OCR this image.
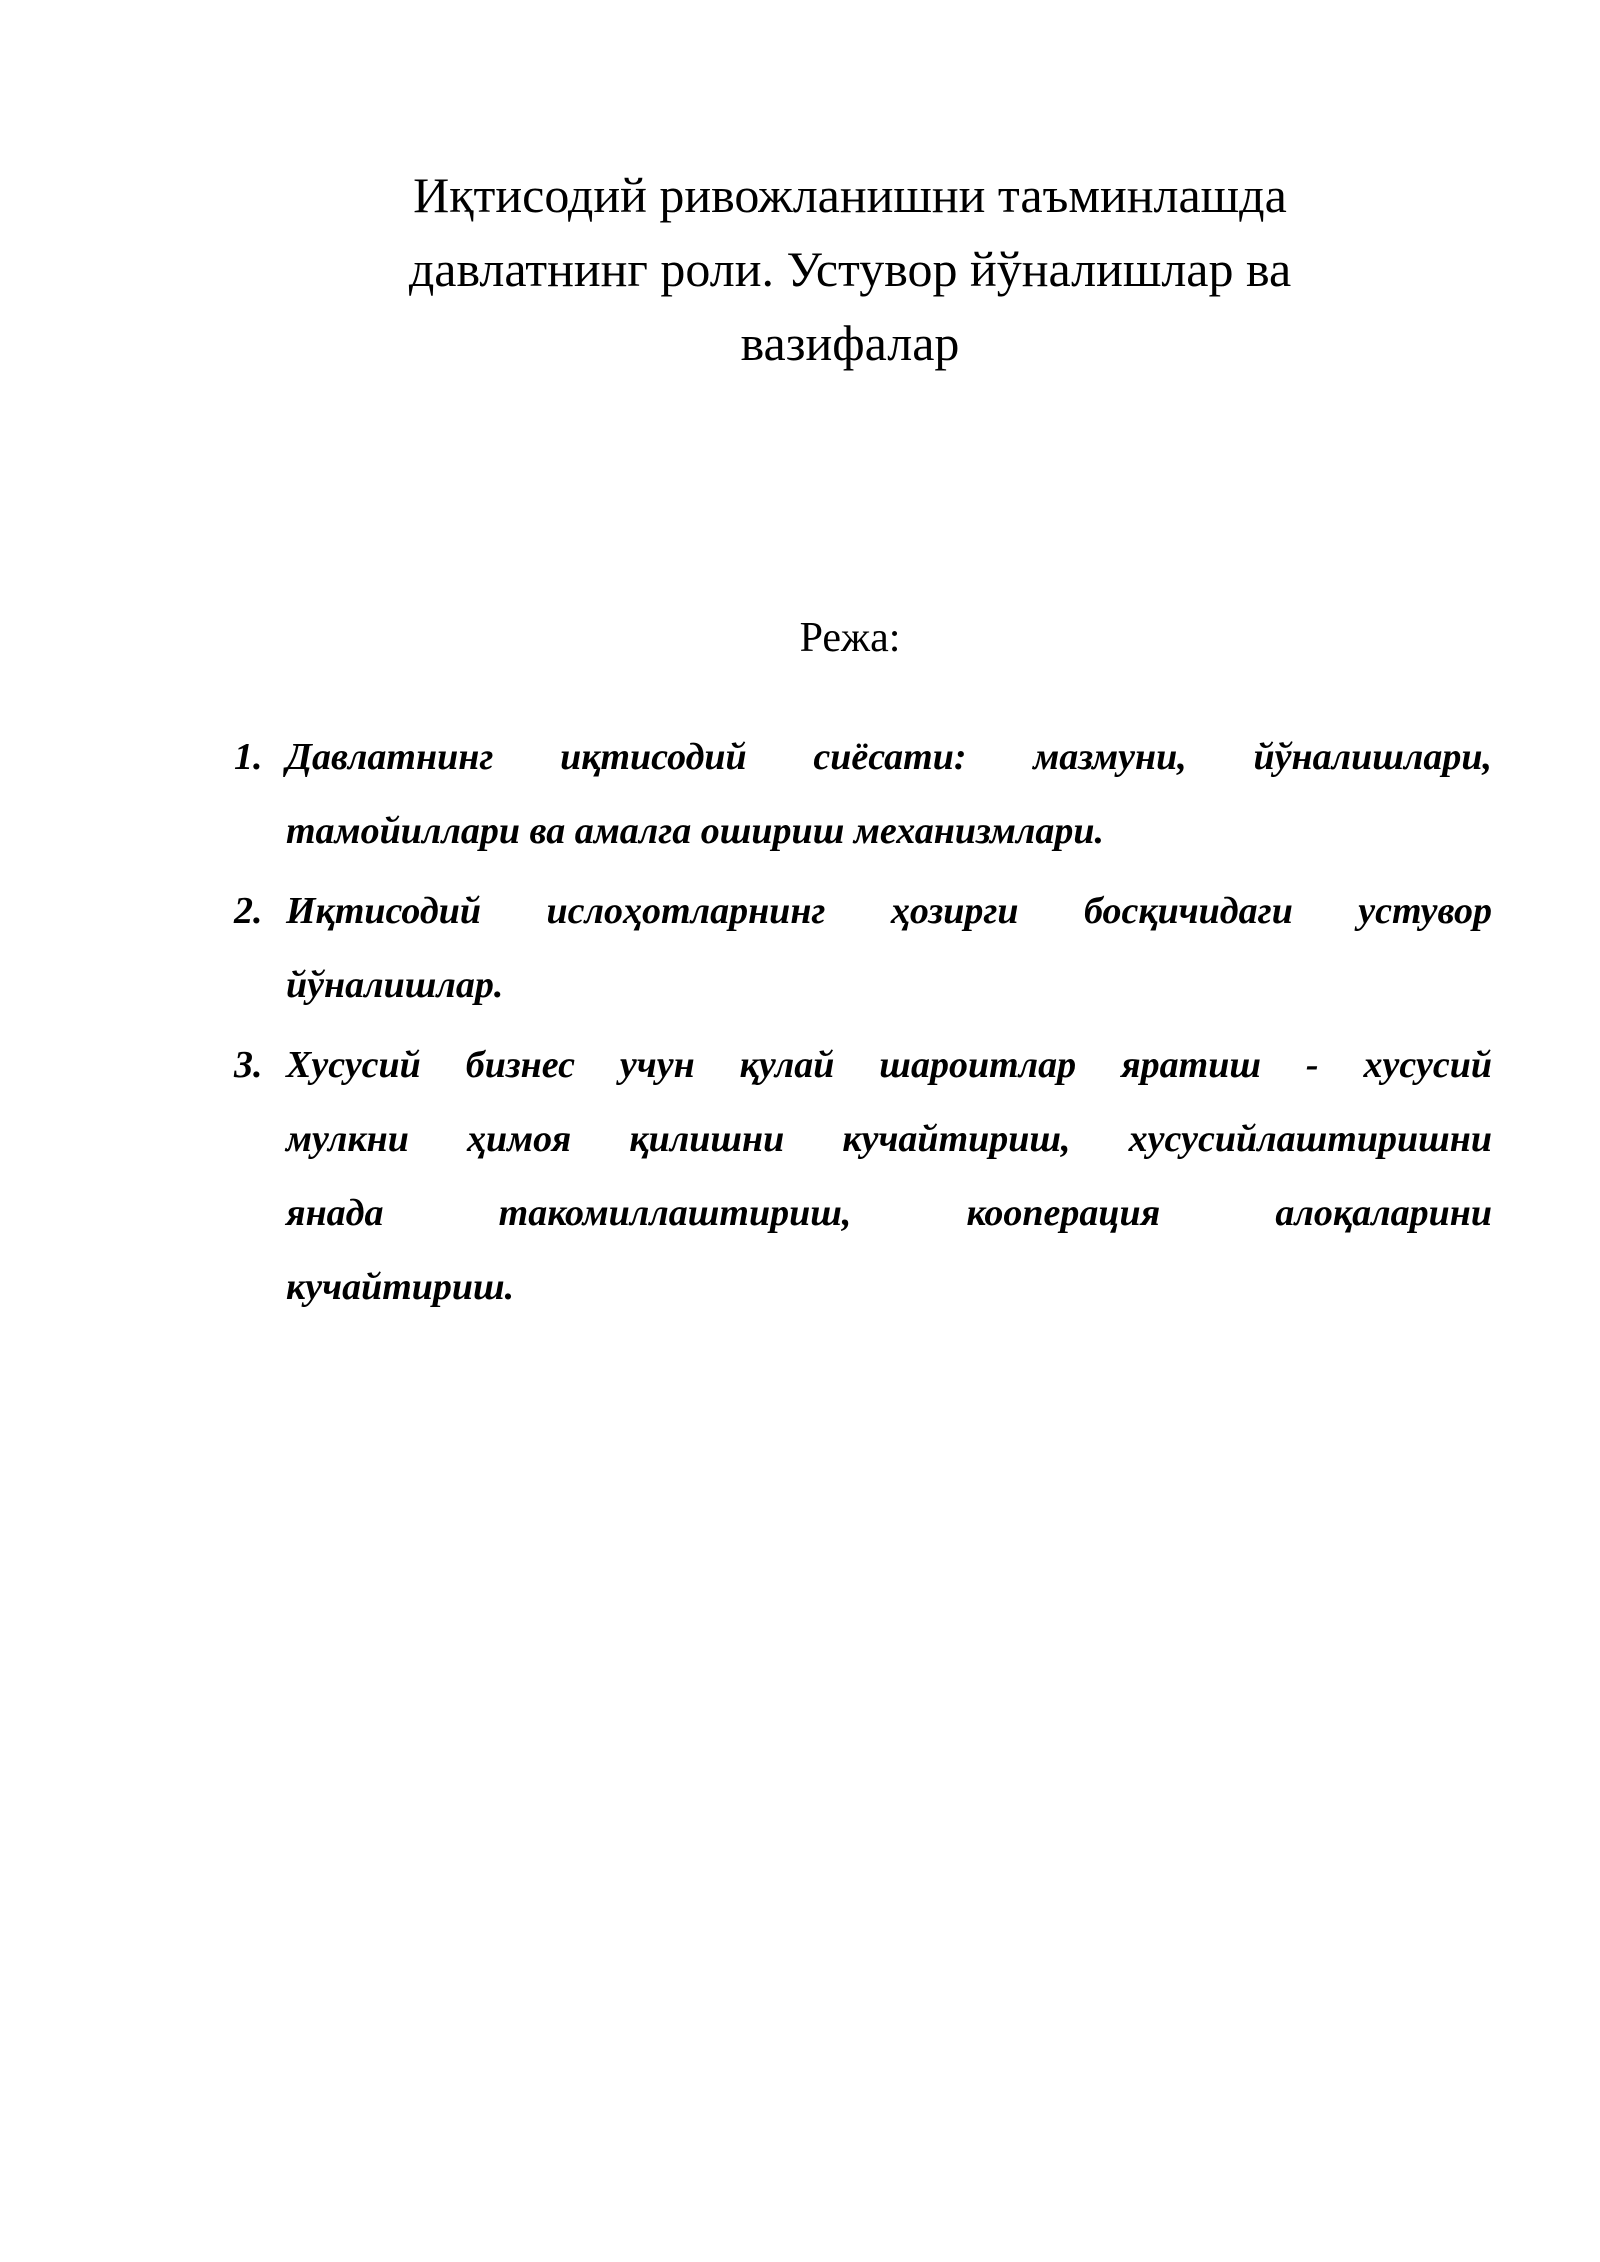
Иқтисодий ривожланишни таъминлашда
давлатнинг роли. Устувор йўналишлар ва
вазифалар
Режа:
1. Давлатнинг иқтисодий сиёсати: мазмуни, йўналишлари,
тамойиллари ва амалга ошириш механизмлари.
2. Иқтисодий ислоҳотларнинг ҳозирги босқичидаги устувор
йўналишлар.
3. Хусусий бизнес учун қулай шароитлар яратиш - хусусий
мулкни ҳимоя қилишни кучайтириш, хусусийлаштиришни
янада такомиллаштириш, кооперация алоқаларини
кучайтириш.
